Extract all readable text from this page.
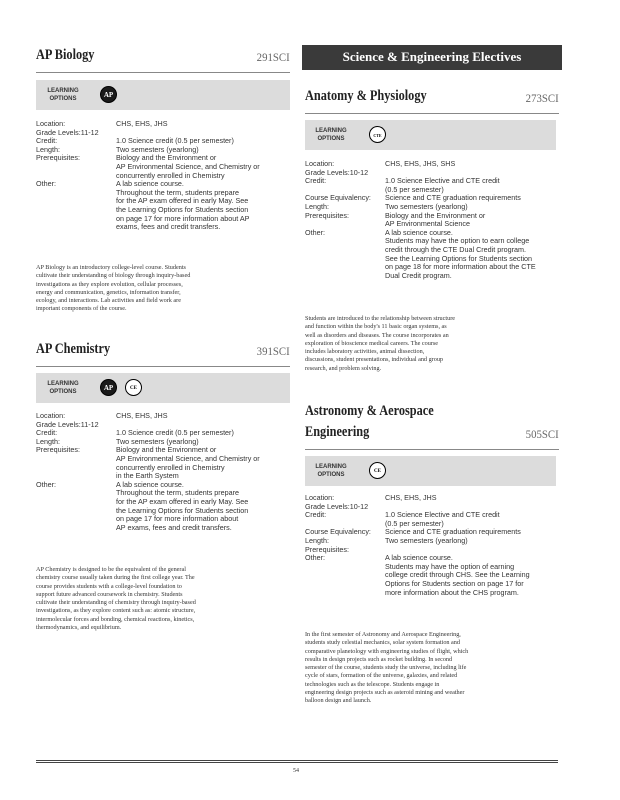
AP Biology	291SCI
LEARNING OPTIONS	AP
Location:	CHS, EHS, JHS
Grade Levels:11-12

Credit:	1.0 Science credit (0.5 per semester)
Length:	Two semesters (yearlong)
Prerequisites:	Biology and the Environment or
AP Environmental Science, and Chemistry or
concurrently enrolled in Chemistry
Other:	A lab science course.
Throughout the term, students prepare
for the AP exam offered in early May. See
the Learning Options for Students section
on page 17 for more information about AP
exams, fees and credit transfers.
AP Biology is an introductory college-level course. Students cultivate their understanding of biology through inquiry-based investigations as they explore evolution, cellular processes, energy and communication, genetics, information transfer, ecology, and interactions. Lab activities and field work are important components of the course.
AP Chemistry	391SCI
LEARNING OPTIONS	AP	CE
Location:	CHS, EHS, JHS
Grade Levels:11-12

Credit:	1.0 Science credit (0.5 per semester)
Length:	Two semesters (yearlong)
Prerequisites:	Biology and the Environment or
AP Environmental Science, and Chemistry or
concurrently enrolled in Chemistry
in the Earth System
Other:	A lab science course.
Throughout the term, students prepare
for the AP exam offered in early May. See
the Learning Options for Students section
on page 17 for more information about
AP exams, fees and credit transfers.
AP Chemistry is designed to be the equivalent of the general chemistry course usually taken during the first college year. The course provides students with a college-level foundation to support future advanced coursework in chemistry. Students cultivate their understanding of chemistry through inquiry-based investigations, as they explore content such as: atomic structure, intermolecular forces and bonding, chemical reactions, kinetics, thermodynamics, and equilibrium.
Science & Engineering Electives
Anatomy & Physiology	273SCI
LEARNING OPTIONS
CTE
Location:	CHS, EHS, JHS, SHS
Grade Levels:10-12

Credit:	1.0 Science Elective and CTE credit
(0.5 per semester)
Course Equivalency: Science and CTE graduation requirements
Length:	Two semesters (yearlong)
Prerequisites:	Biology and the Environment or
AP Environmental Science
Other:	A lab science course.
Students may have the option to earn college
credit through the CTE Dual Credit program.
See the Learning Options for Students section
on page 18 for more information about the CTE
Dual Credit program.
Students are introduced to the relationship between structure and function within the body's 11 basic organ systems, as well as disorders and diseases. The course incorporates an exploration of bioscience medical careers. The course includes laboratory activities, animal dissection, discussions, student presentations, individual and group research, and problem solving.
Astronomy & Aerospace
Engineering	505SCI
LEARNING OPTIONS
CE
Location:	CHS, EHS, JHS
Grade Levels:10-12

Credit:	1.0 Science Elective and CTE credit
(0.5 per semester)
Course Equivalency: Science and CTE graduation requirements
Length:	Two semesters (yearlong)
Prerequisites:

Other:	A lab science course.
Students may have the option of earning
college credit through CHS. See the Learning
Options for Students section on page 17 for
more information about the CHS program.
In the first semester of Astronomy and Aerospace Engineering, students study celestial mechanics, solar system formation and comparative planetology with engineering studies of flight, which results in design projects such as rocket building. In second semester of the course, students study the universe, including life cycle of stars, formation of the universe, galaxies, and related technologies such as the telescope. Students engage in engineering design projects such as asteroid mining and weather balloon design and launch.
54
